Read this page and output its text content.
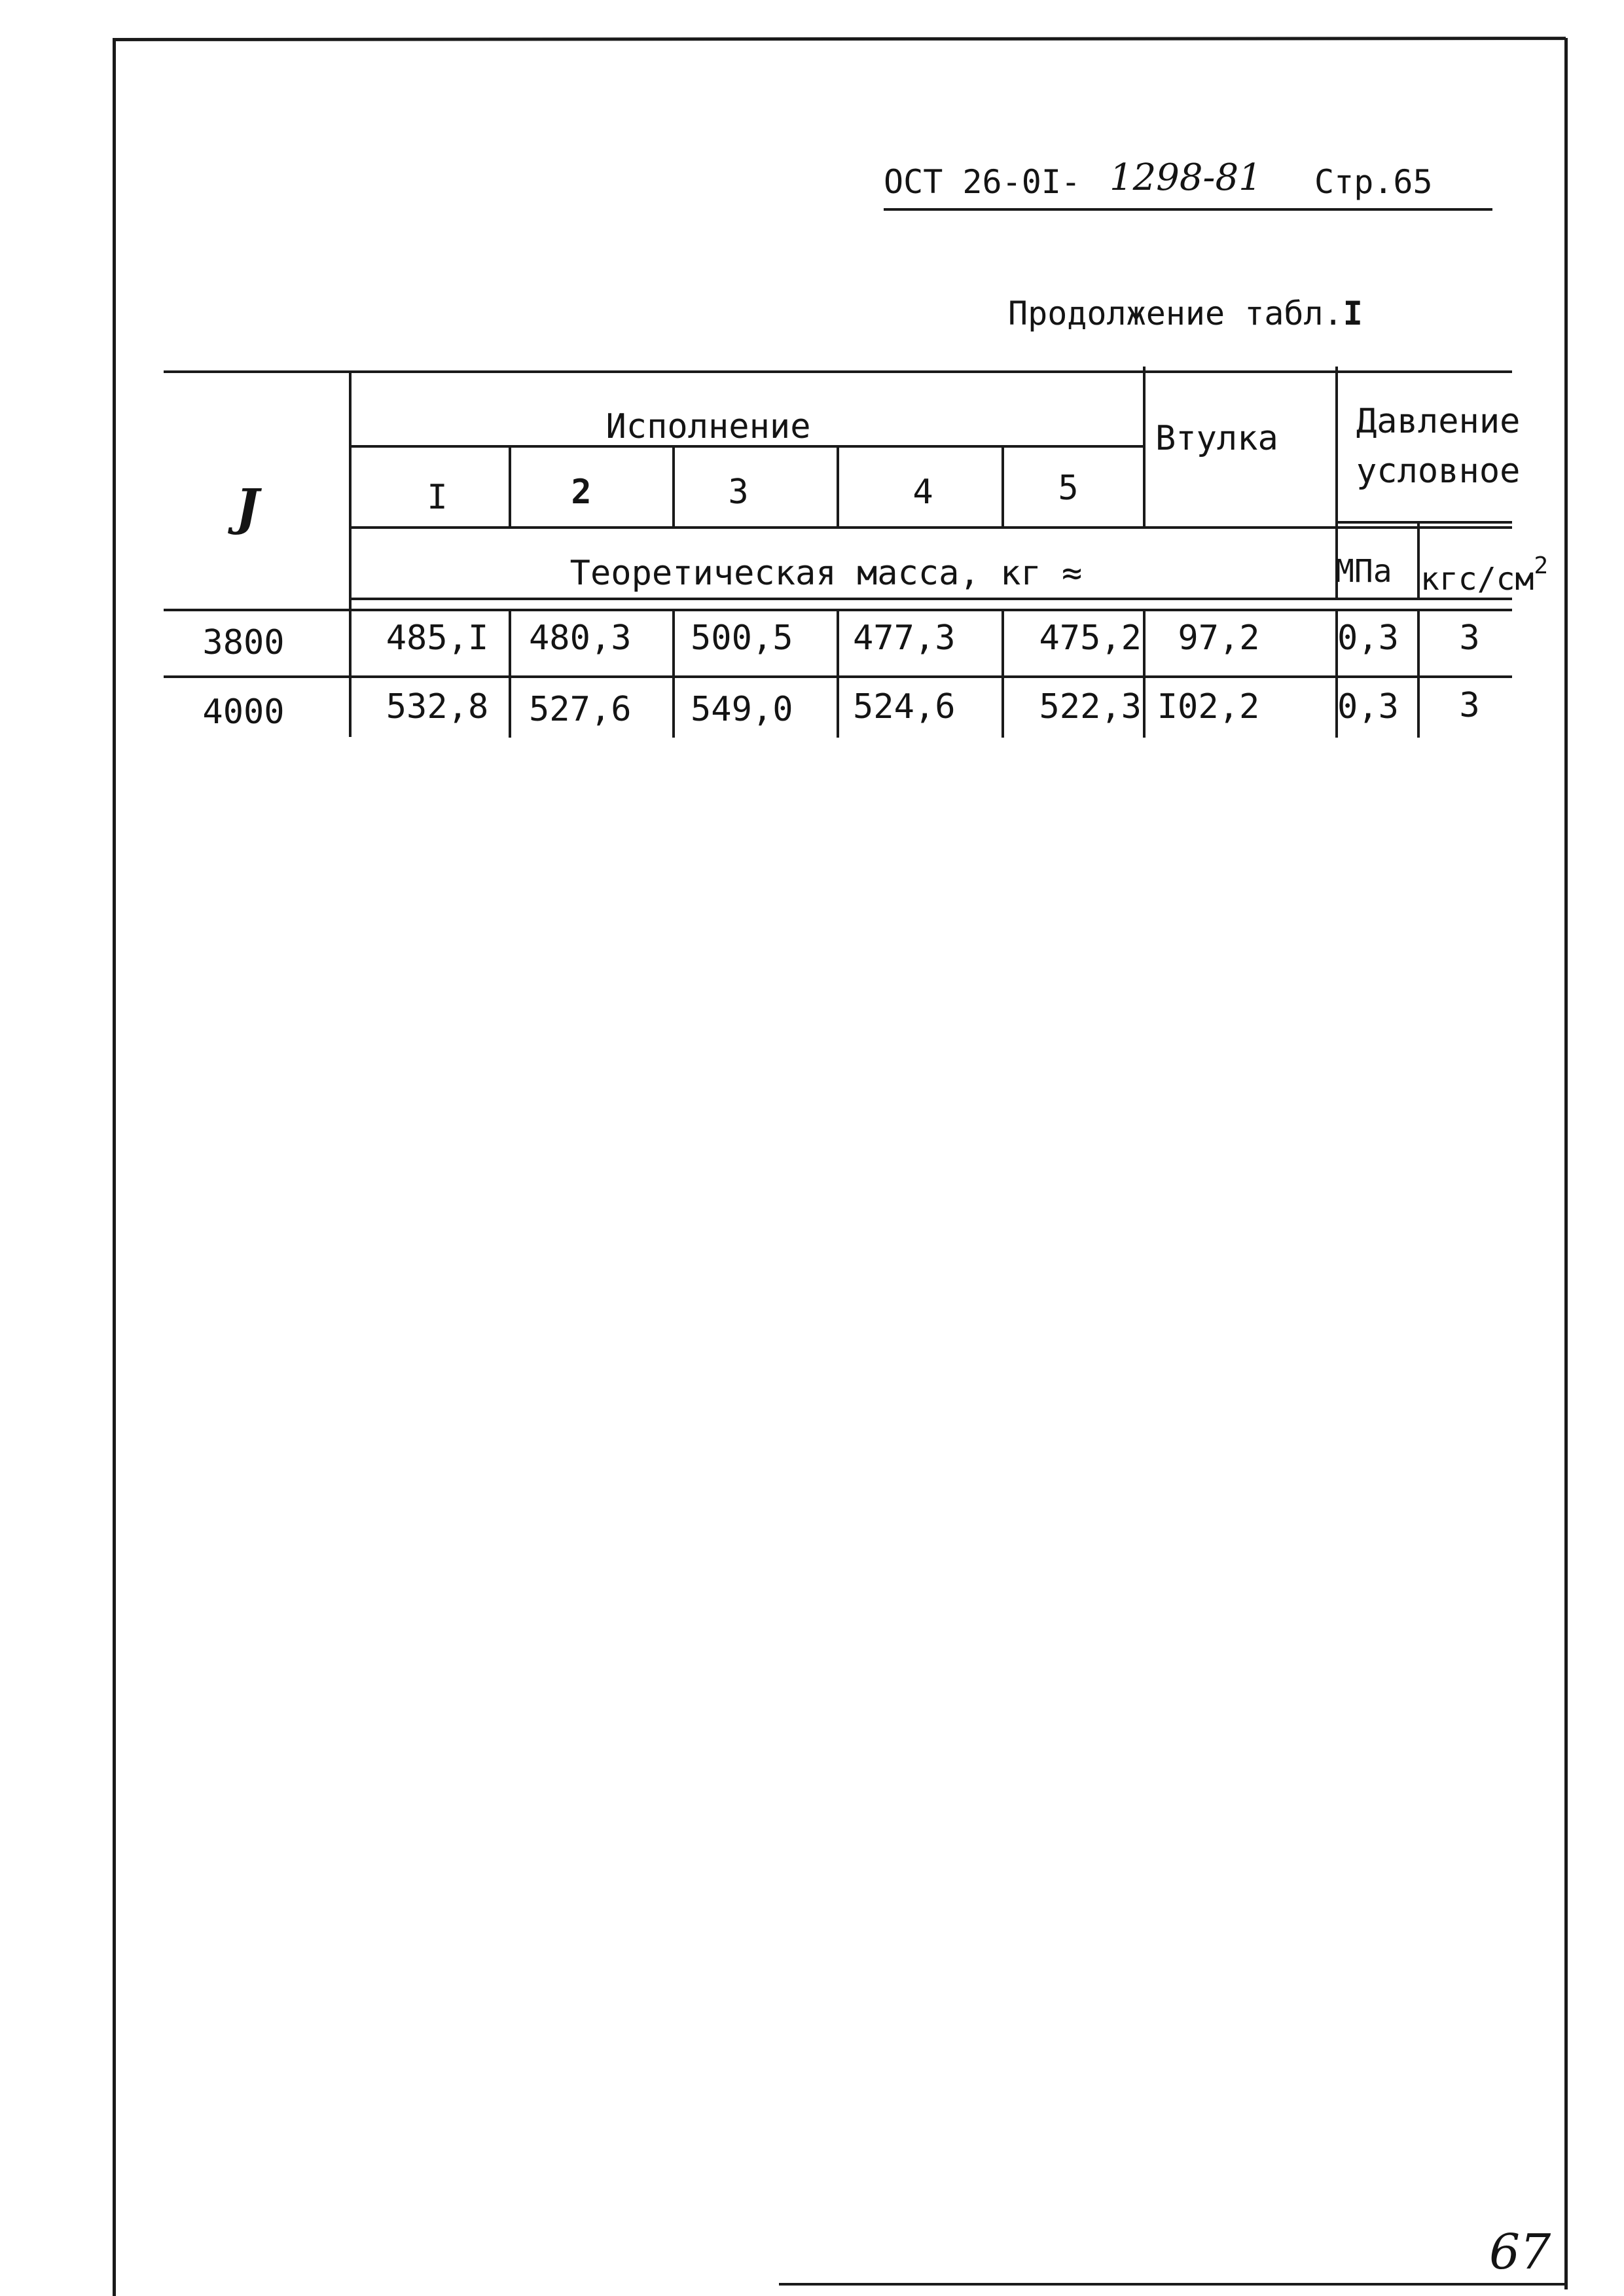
ОСТ 26-0I- 1298-81 Стр.65
Продолжение табл.I
J
Исполнение
I	2	3	4	5
Втулка Давление
условное
Теоретическая масса, кг ≈	МПа кгс/$см^2$
3800	485,I 480,3 500,5 477,3 475,2 97,2 0,3 3
4000	532,8 527,6 549,0 524,6 522,3 I02,2 0,3 3
67
